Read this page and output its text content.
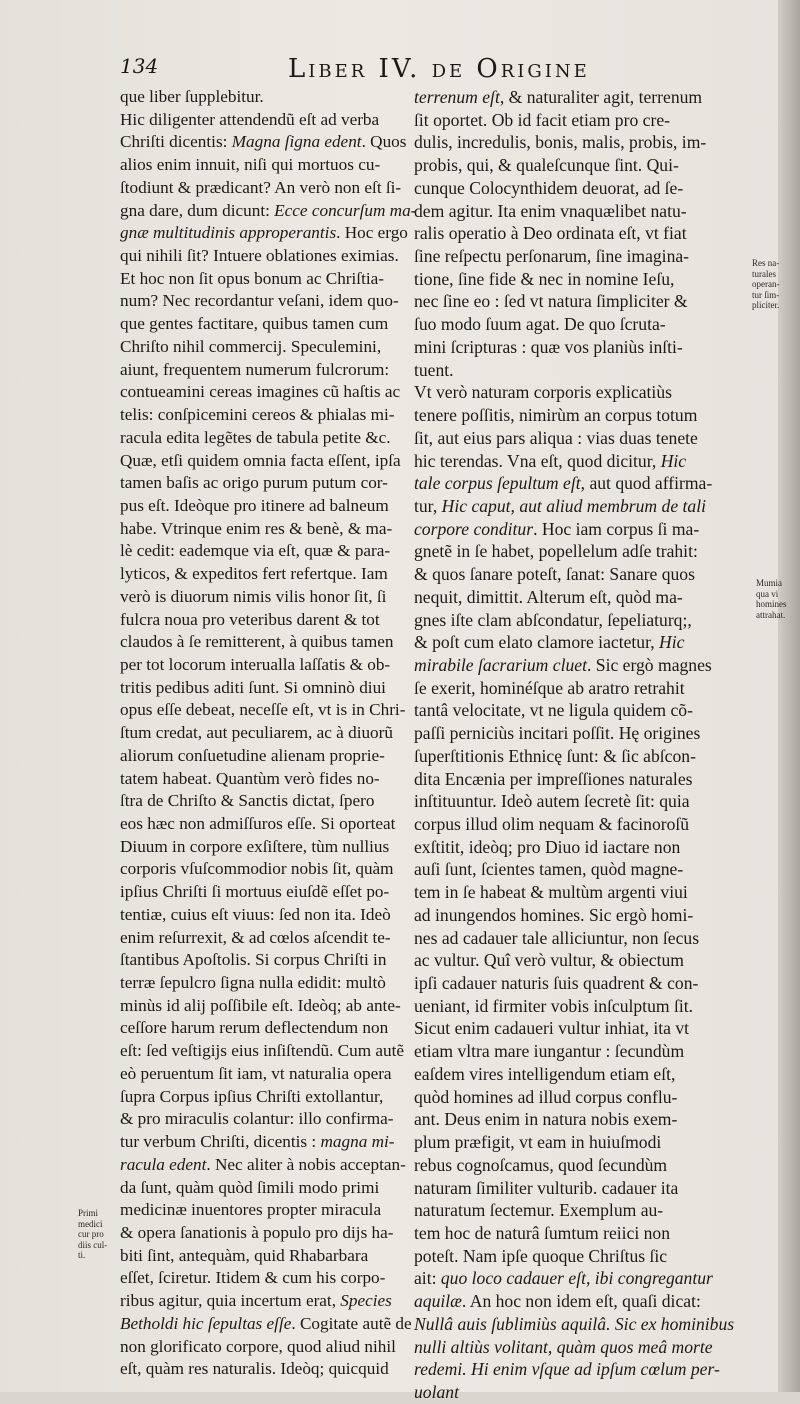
134	Liber IV. de Origine
que liber ſupplebitur.
Hic diligenter attendendũ eſt ad verba
Chriſti dicentis: Magna ſigna edent. Quos
alios enim innuit, niſi qui mortuos cu-
ſtodiunt & prædicant? An verò non eſt ſi-
gna dare, dum dicunt: Ecce concurſum ma-
gnæ multitudinis approperantis. Hoc ergo
qui nihili ſit? Intuere oblationes eximias.
Et hoc non ſit opus bonum ac Chriſtia-
num? Nec recordantur veſani, idem quo-
que gentes factitare, quibus tamen cum
Chriſto nihil commercij. Speculemini,
aiunt, frequentem numerum fulcrorum:
contueamini cereas imagines cũ haſtis ac
telis: conſpicemini cereos & phialas mi-
racula edita legẽtes de tabula petite &c.
Quæ, etſi quidem omnia facta eſſent, ipſa
tamen baſis ac origo purum putum cor-
pus eſt. Ideòque pro itinere ad balneum
habe. Vtrinque enim res & benè, & ma-
lè cedit: eademque via eſt, quæ & para-
lyticos, & expeditos fert refertque. Iam
verò is diuorum nimis vilis honor ſit, ſi
fulcra noua pro veteribus darent & tot
claudos à ſe remitterent, à quibus tamen
per tot locorum interualla laſſatis & ob-
tritis pedibus aditi ſunt. Si omninò diui
opus eſſe debeat, neceſſe eſt, vt is in Chri-
ſtum credat, aut peculiarem, ac à diuorũ
aliorum conſuetudine alienam proprie-
tatem habeat. Quantùm verò fides no-
ſtra de Chriſto & Sanctis dictat, ſpero
eos hæc non admiſſuros eſſe. Si oporteat
Diuum in corpore exſiſtere, tùm nullius
corporis vſuſcommodior nobis ſit, quàm
ipſius Chriſti ſi mortuus eiuſdẽ eſſet po-
tentiæ, cuius eſt viuus: ſed non ita. Ideò
enim reſurrexit, & ad cœlos aſcendit te-
ſtantibus Apoſtolis. Si corpus Chriſti in
terræ ſepulcro ſigna nulla edidit: multò
minùs id alij poſſibile eſt. Ideòq; ab ante-
ceſſore harum rerum deflectendum non
eſt: ſed veſtigijs eius inſiſtendũ. Cum autẽ
eò peruentum ſit iam, vt naturalia opera
ſupra Corpus ipſius Chriſti extollantur,
& pro miraculis colantur: illo confirma-
tur verbum Chriſti, dicentis : magna mi-
racula edent. Nec aliter à nobis acceptan-
da ſunt, quàm quòd ſimili modo primi
medicinæ inuentores propter miracula
& opera ſanationis à populo pro dijs ha-
biti ſint, antequàm, quid Rhabarbara
eſſet, ſciretur. Itidem & cum his corpo-
ribus agitur, quia incertum erat, Species
Betholdi hic ſepultas eſſe. Cogitate autẽ de
non glorificato corpore, quod aliud nihil
eſt, quàm res naturalis. Ideòq; quicquid
terrenum eſt, & naturaliter agit, terrenum
ſit oportet. Ob id facit etiam pro cre-
dulis, incredulis, bonis, malis, probis, im-
probis, qui, & qualeſcunque ſint. Qui-
cunque Colocynthidem deuorat, ad ſe-
dem agitur. Ita enim vnaquælibet natu-
ralis operatio à Deo ordinata eſt, vt fiat
ſine reſpectu perſonarum, ſine imagina-
tione, ſine fide & nec in nomine Ieſu,
nec ſine eo : ſed vt natura ſimpliciter &
ſuo modo ſuum agat. De quo ſcruta-
mini ſcripturas : quæ vos planiùs inſti-
tuent.
Vt verò naturam corporis explicatiùs
tenere poſſitis, nimirùm an corpus totum
ſit, aut eius pars aliqua : vias duas tenete
hic terendas. Vna eſt, quod dicitur, Hic
tale corpus ſepultum eſt, aut quod affirma-
tur, Hic caput, aut aliud membrum de tali
corpore conditur. Hoc iam corpus ſi ma-
gnetẽ in ſe habet, popellelum adſe trahit:
& quos ſanare poteſt, ſanat: Sanare quos
nequit, dimittit. Alterum eſt, quòd ma-
gnes iſte clam abſcondatur, ſepeliaturq;,
& poſt cum elato clamore iactetur, Hic
mirabile ſacrarium cluet. Sic ergò magnes
ſe exerit, hominéſque ab aratro retrahit
tantâ velocitate, vt ne ligula quidem cõ-
paſſi perniciùs incitari poſſit. Hę origines
ſuperſtitionis Ethnicę ſunt: & ſic abſcon-
dita Encænia per impreſſiones naturales
inſtituuntur. Ideò autem ſecretè ſit: quia
corpus illud olim nequam & facinoroſũ
exſtitit, ideòq; pro Diuo id iactare non
auſi ſunt, ſcientes tamen, quòd magne-
tem in ſe habeat & multùm argenti viui
ad inungendos homines. Sic ergò homi-
nes ad cadauer tale alliciuntur, non ſecus
ac vultur. Quî verò vultur, & obiectum
ipſi cadauer naturis ſuis quadrent & con-
ueniant, id firmiter vobis inſculptum ſit.
Sicut enim cadaueri vultur inhiat, ita vt
etiam vltra mare iungantur : ſecundùm
eaſdem vires intelligendum etiam eſt,
quòd homines ad illud corpus conflu-
ant. Deus enim in natura nobis exem-
plum præfigit, vt eam in huiuſmodi
rebus cognoſcamus, quod ſecundùm
naturam ſimiliter vulturib. cadauer ita
naturatum ſectemur. Exemplum au-
tem hoc de naturâ ſumtum reiici non
poteſt. Nam ipſe quoque Chriſtus ſic
ait: quo loco cadauer eſt, ibi congregantur
aquilæ. An hoc non idem eſt, quaſi dicat:
Nullâ auis ſublimiùs aquilâ. Sic ex hominibus
nulli altiùs volitant, quàm quos meâ morte
redemi. Hi enim vſque ad ipſum cœlum per-
uolant
Res na-
turales
operan-
tur ſim-
pliciter.
Mumia
qua vi
homines
attrahat.
Primi
medici
cur pro
diis cul-
ti.
